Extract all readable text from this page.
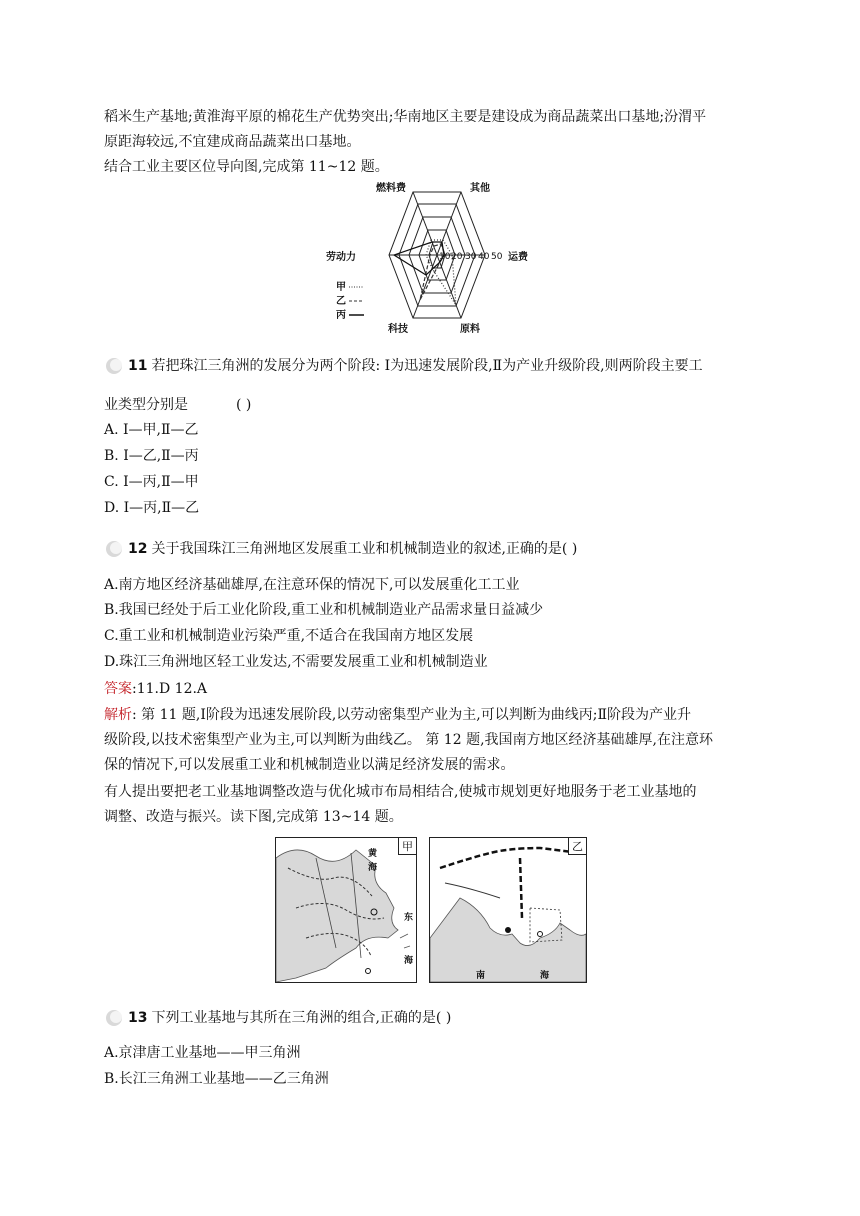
稻米生产基地;黄淮海平原的棉花生产优势突出;华南地区主要是建设成为商品蔬菜出口基地;汾渭平
原距海较远,不宜建成商品蔬菜出口基地。
结合工业主要区位导向图,完成第 11~12 题。
10 20 30 40 50
燃料费	其他
运费
原料
科技
劳动力
甲
乙
丙
11 若把珠江三角洲的发展分为两个阶段: Ⅰ为迅速发展阶段,Ⅱ为产业升级阶段,则两阶段主要工
业类型分别是	( )
A. Ⅰ—甲,Ⅱ—乙
B. Ⅰ—乙,Ⅱ—丙
C. Ⅰ—丙,Ⅱ—甲
D. Ⅰ—丙,Ⅱ—乙
12 关于我国珠江三角洲地区发展重工业和机械制造业的叙述,正确的是( )
A.南方地区经济基础雄厚,在注意环保的情况下,可以发展重化工工业
B.我国已经处于后工业化阶段,重工业和机械制造业产品需求量日益减少
C.重工业和机械制造业污染严重,不适合在我国南方地区发展
D.珠江三角洲地区轻工业发达,不需要发展重工业和机械制造业
答案:11.D 12.A
解析: 第 11 题,Ⅰ阶段为迅速发展阶段,以劳动密集型产业为主,可以判断为曲线丙;Ⅱ阶段为产业升
级阶段,以技术密集型产业为主,可以判断为曲线乙。 第 12 题,我国南方地区经济基础雄厚,在注意环
保的情况下,可以发展重工业和机械制造业以满足经济发展的需求。
有人提出要把老工业基地调整改造与优化城市布局相结合,使城市规划更好地服务于老工业基地的
调整、改造与振兴。读下图,完成第 13~14 题。
甲
黄
海
东
海
乙
南	海
13 下列工业基地与其所在三角洲的组合,正确的是( )
A.京津唐工业基地——甲三角洲
B.长江三角洲工业基地——乙三角洲
